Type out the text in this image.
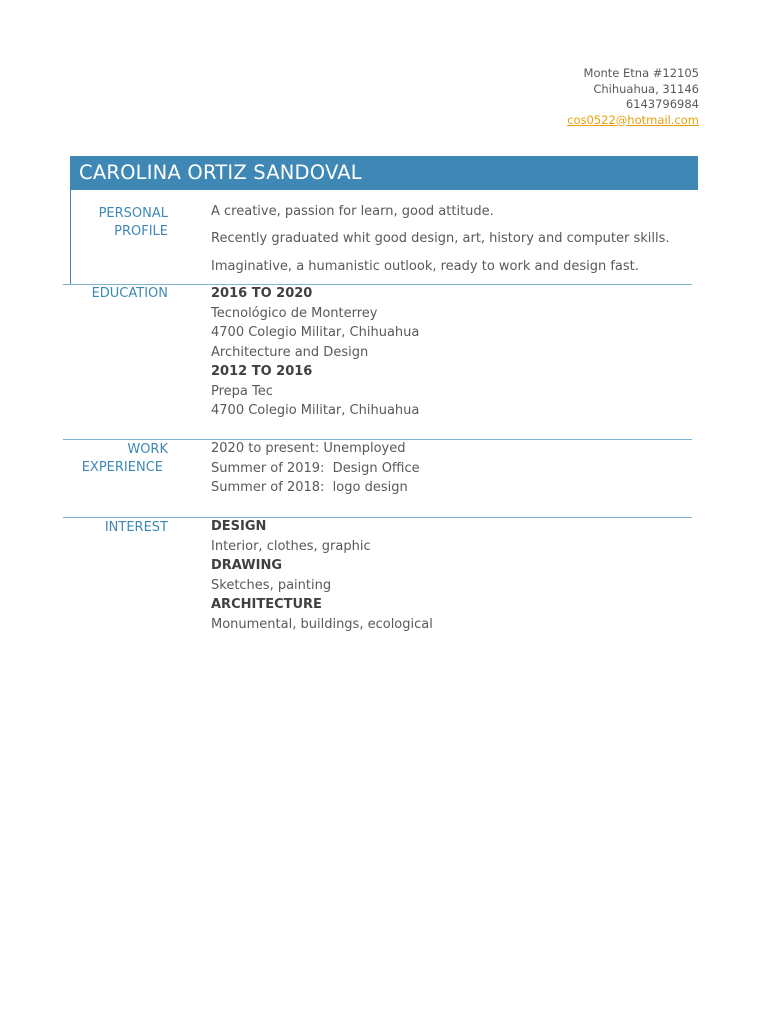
Monte Etna #12105
Chihuahua, 31146
6143796984
cos0522@hotmail.com
CAROLINA ORTIZ SANDOVAL
PERSONAL
PROFILE
A creative, passion for learn, good attitude.
Recently graduated whit good design, art, history and computer skills.
Imaginative, a humanistic outlook, ready to work and design fast.
EDUCATION	2016 TO 2020
Tecnológico de Monterrey
4700 Colegio Militar, Chihuahua
Architecture and Design
2012 TO 2016
Prepa Tec
4700 Colegio Militar, Chihuahua
WORK
EXPERIENCE
2020 to present: Unemployed
Summer of 2019:  Design Office
Summer of 2018:  logo design
INTEREST	DESIGN
Interior, clothes, graphic
DRAWING
Sketches, painting
ARCHITECTURE
Monumental, buildings, ecological
